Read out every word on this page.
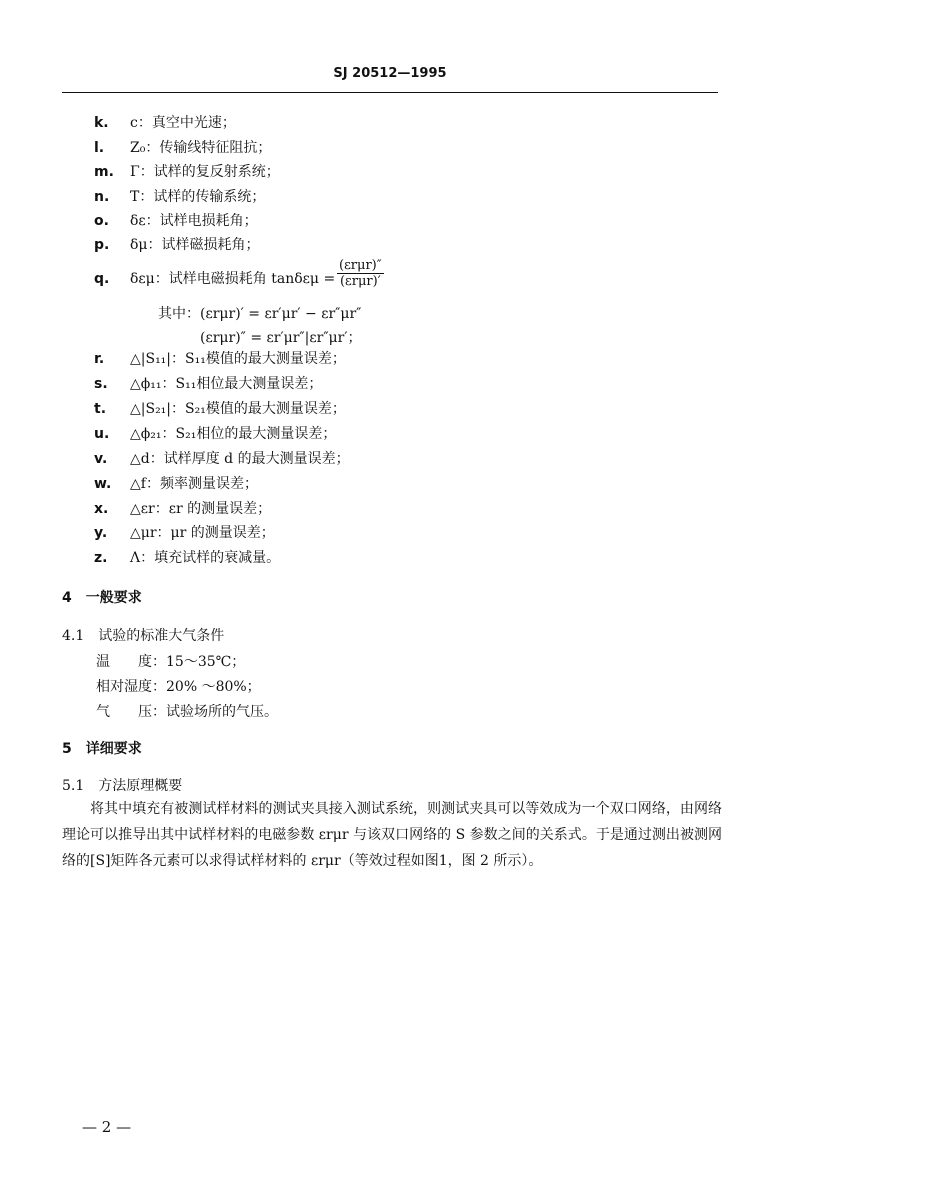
SJ 20512—1995
k. c：真空中光速；
l. Z₀：传输线特征阻抗；
m. Γ：试样的复反射系统；
n. T：试样的传输系统；
o. δε：试样电损耗角；
p. δμ：试样磁损耗角；
q. δεμ：试样电磁损耗角 tanδεμ =
r. △|S₁₁|：S₁₁模值的最大测量误差；
s. △ϕ₁₁：S₁₁相位最大测量误差；
t. △|S₂₁|：S₂₁模值的最大测量误差；
u. △ϕ₂₁：S₂₁相位的最大测量误差；
v. △d：试样厚度 d 的最大测量误差；
w. △f：频率测量误差；
x. △εr：εr 的测量误差；
y. △μr：μr 的测量误差；
z. Λ：填充试样的衰减量。
(εrμr)″
(εrμr)′
其中：(εrμr)′ = εr′μr′ − εr″μr″
(εrμr)″ = εr′μr″|εr″μr′；
4　一般要求
4.1　试验的标准大气条件
温　　度：15～35℃；
相对湿度：20% ～80%；
气　　压：试验场所的气压。
5　详细要求
5.1　方法原理概要
将其中填充有被测试样材料的测试夹具接入测试系统，则测试夹具可以等效成为一个双口网络，由网络理论可以推导出其中试样材料的电磁参数 εrμr 与该双口网络的 S 参数之间的关系式。于是通过测出被测网络的[S]矩阵各元素可以求得试样材料的 εrμr（等效过程如图1，图 2 所示）。
— 2 —
